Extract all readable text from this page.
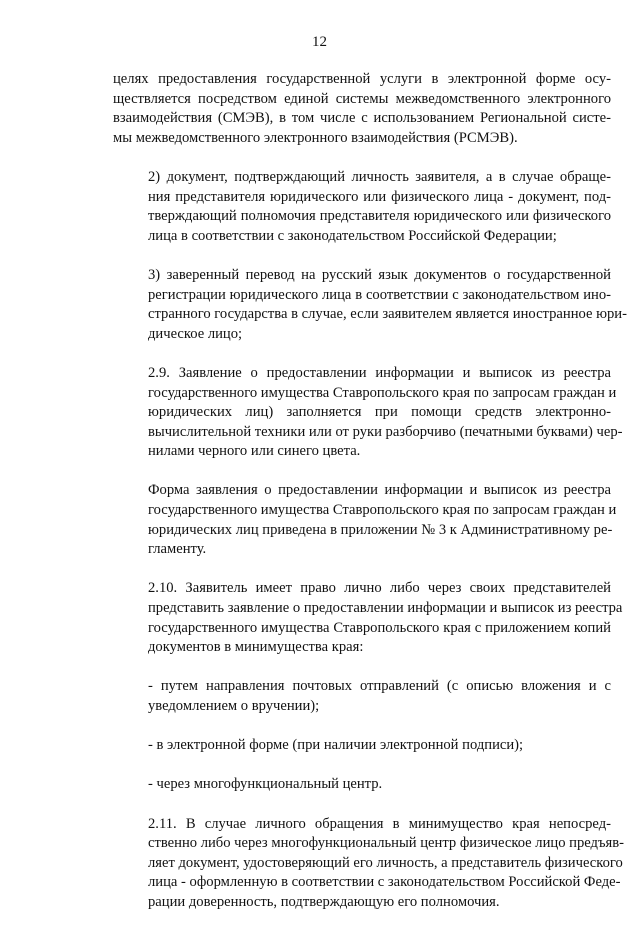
12
целях предоставления государственной услуги в электронной форме осу-
ществляется посредством единой системы межведомственного электронного
взаимодействия (СМЭВ), в том числе с использованием Региональной систе-
мы межведомственного электронного взаимодействия (РСМЭВ).
2) документ, подтверждающий личность заявителя, а в случае обраще-
ния представителя юридического или физического лица - документ, под-
тверждающий полномочия представителя юридического или физического
лица в соответствии с законодательством Российской Федерации;
3) заверенный перевод на русский язык документов о государственной
регистрации юридического лица в соответствии с законодательством ино-
странного государства в случае, если заявителем является иностранное юри-
дическое лицо;
2.9. Заявление о предоставлении информации и выписок из реестра
государственного имущества Ставропольского края по запросам граждан и
юридических лиц) заполняется при помощи средств электронно-
вычислительной техники или от руки разборчиво (печатными буквами) чер-
нилами черного или синего цвета.
Форма заявления о предоставлении информации и выписок из реестра
государственного имущества Ставропольского края по запросам граждан и
юридических лиц приведена в приложении № 3 к Административному ре-
гламенту.
2.10. Заявитель имеет право лично либо через своих представителей
представить заявление о предоставлении информации и выписок из реестра
государственного имущества Ставропольского края с приложением копий
документов в минимущества края:
- путем направления почтовых отправлений (с описью вложения и с
уведомлением о вручении);
- в электронной форме (при наличии электронной подписи);
- через многофункциональный центр.
2.11. В случае личного обращения в минимущество края непосред-
ственно либо через многофункциональный центр физическое лицо предъяв-
ляет документ, удостоверяющий его личность, а представитель физического
лица - оформленную в соответствии с законодательством Российской Феде-
рации доверенность, подтверждающую его полномочия.
